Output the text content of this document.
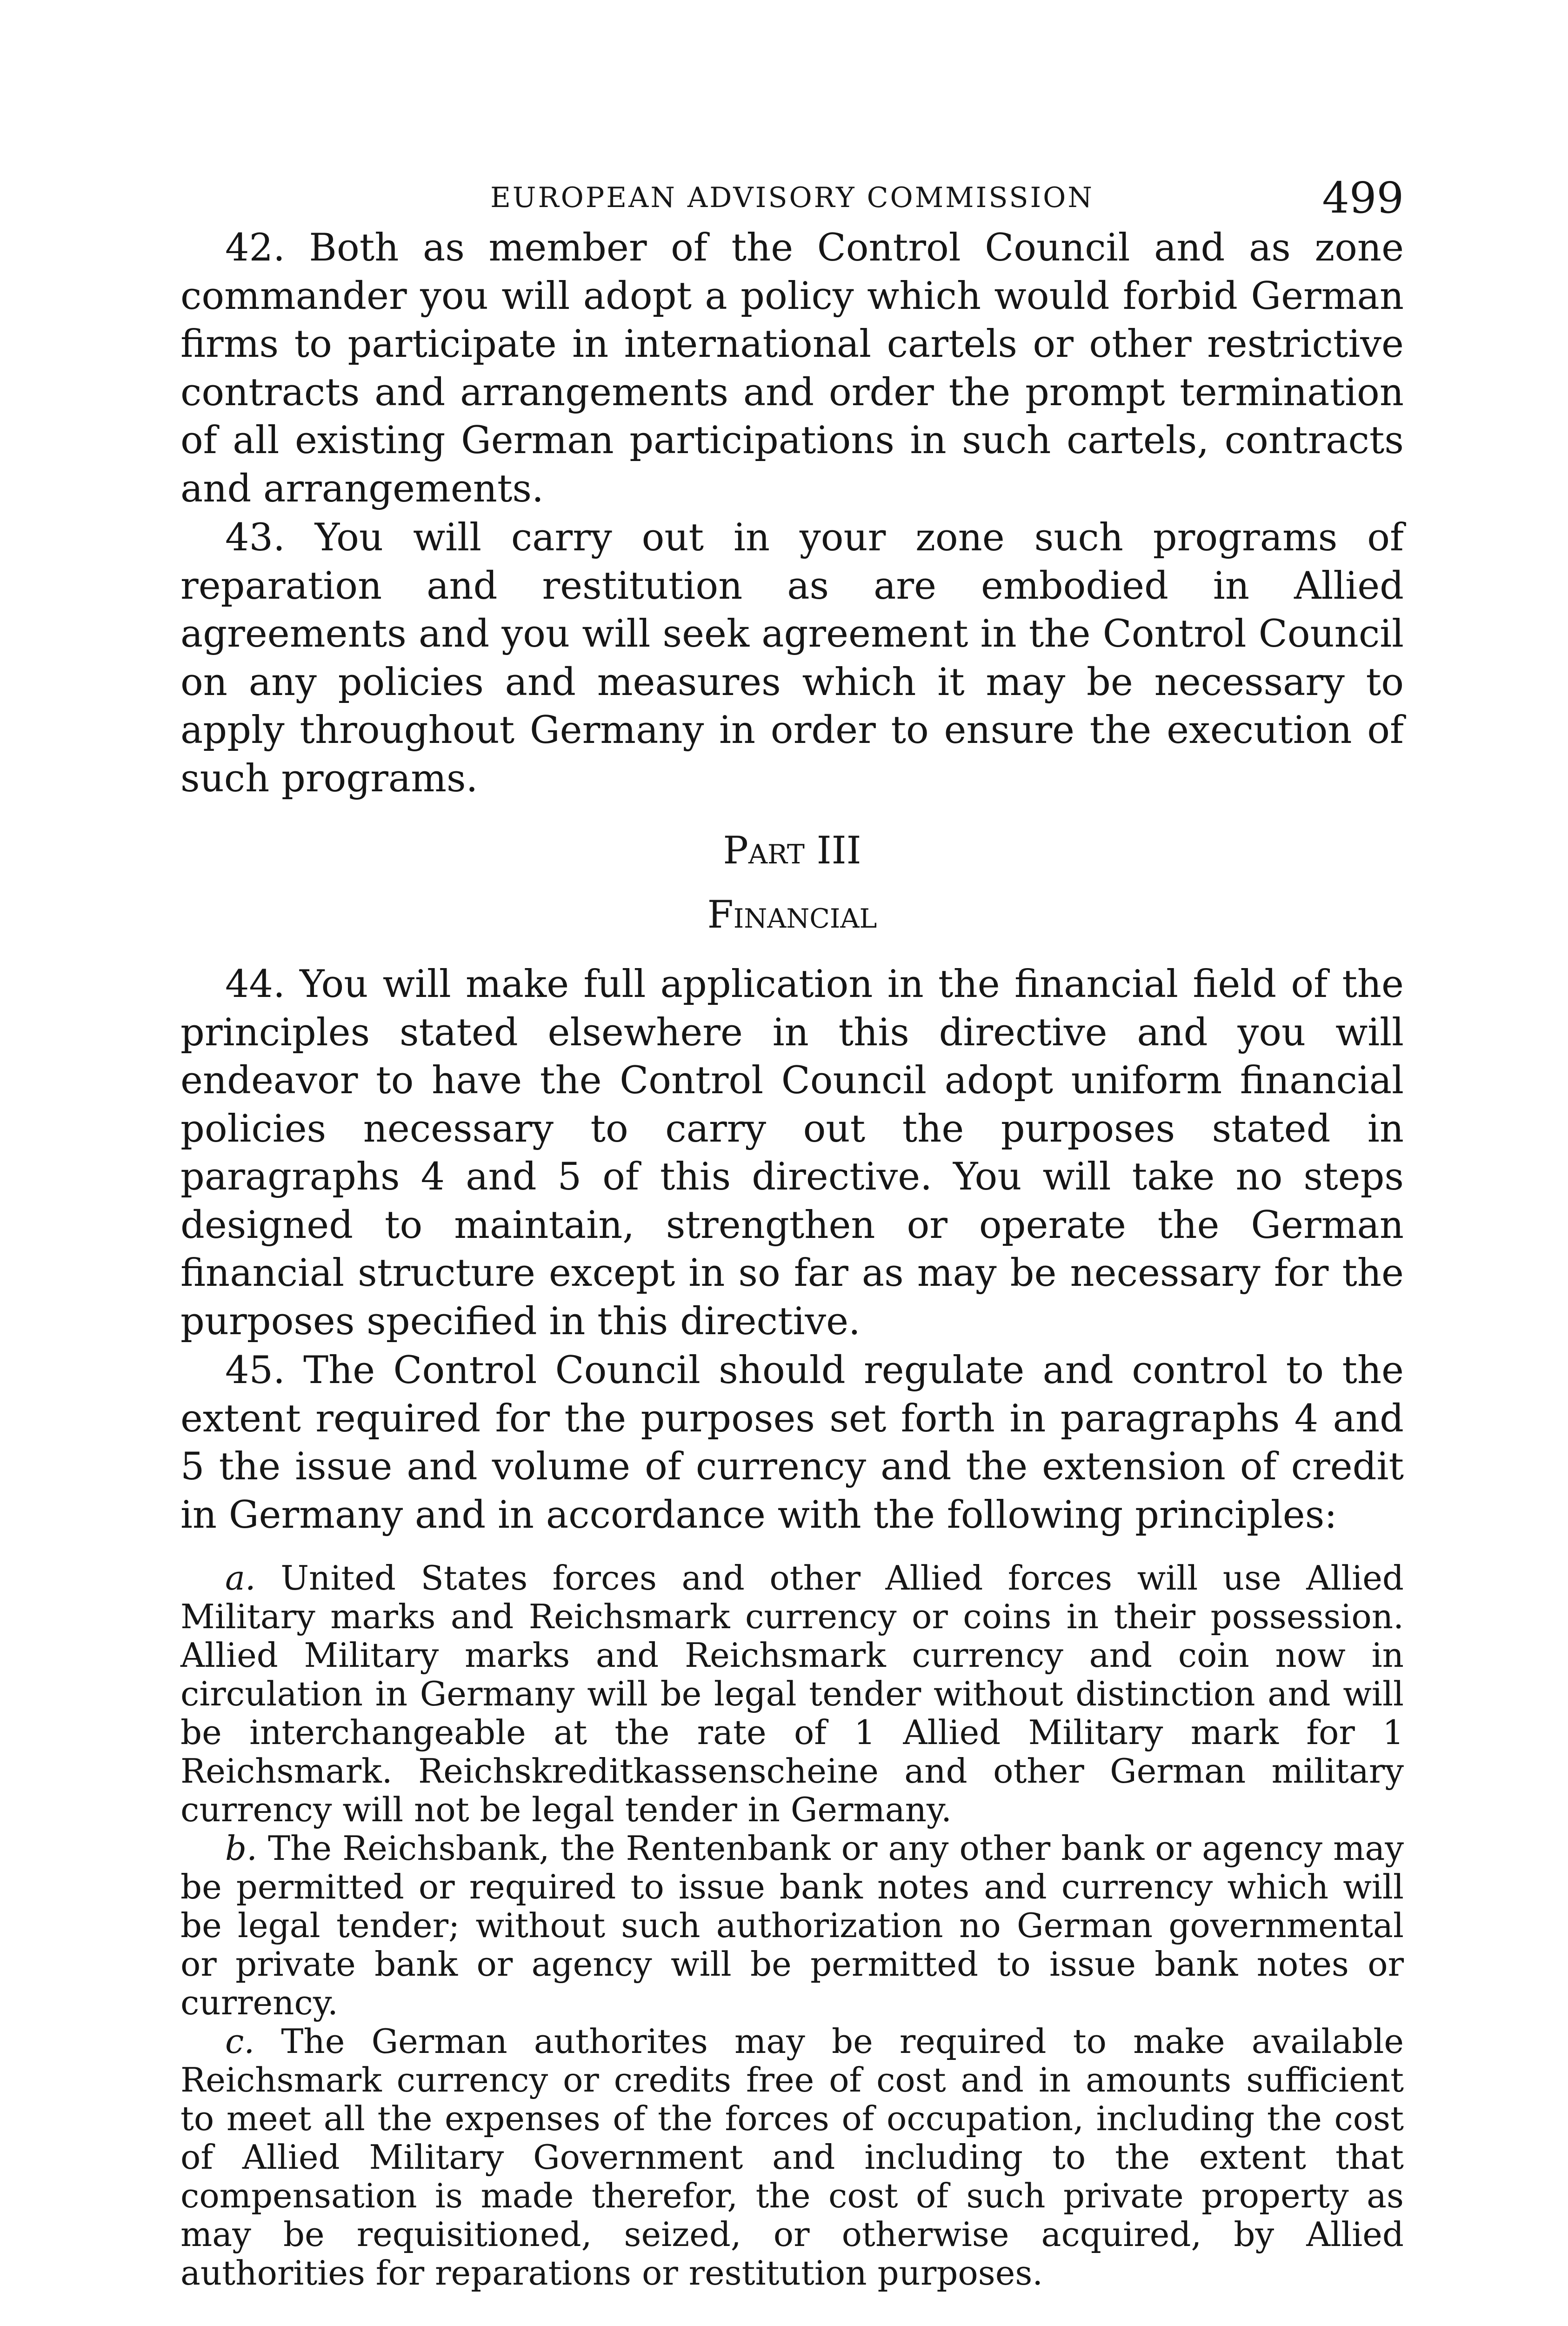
EUROPEAN ADVISORY COMMISSION	499

42. Both as member of the Control Council and as zone commander you will adopt a policy which would forbid German firms to participate in international cartels or other restrictive contracts and arrangements and order the prompt termination of all existing German participations in such cartels, contracts and arrangements.

43. You will carry out in your zone such programs of reparation and restitution as are embodied in Allied agreements and you will seek agreement in the Control Council on any policies and measures which it may be necessary to apply throughout Germany in order to ensure the execution of such programs.

Part III

Financial

44. You will make full application in the financial field of the principles stated elsewhere in this directive and you will endeavor to have the Control Council adopt uniform financial policies necessary to carry out the purposes stated in paragraphs 4 and 5 of this directive. You will take no steps designed to maintain, strengthen or operate the German financial structure except in so far as may be necessary for the purposes specified in this directive.

45. The Control Council should regulate and control to the extent required for the purposes set forth in paragraphs 4 and 5 the issue and volume of currency and the extension of credit in Germany and in accordance with the following principles:

a. United States forces and other Allied forces will use Allied Military marks and Reichsmark currency or coins in their possession. Allied Military marks and Reichsmark currency and coin now in circulation in Germany will be legal tender without distinction and will be interchangeable at the rate of 1 Allied Military mark for 1 Reichsmark. Reichskreditkassenscheine and other German military currency will not be legal tender in Germany.

b. The Reichsbank, the Rentenbank or any other bank or agency may be permitted or required to issue bank notes and currency which will be legal tender; without such authorization no German governmental or private bank or agency will be permitted to issue bank notes or currency.

c. The German authorites may be required to make available Reichsmark currency or credits free of cost and in amounts sufficient to meet all the expenses of the forces of occupation, including the cost of Allied Military Government and including to the extent that compensation is made therefor, the cost of such private property as may be requisitioned, seized, or otherwise acquired, by Allied authorities for reparations or restitution purposes.
